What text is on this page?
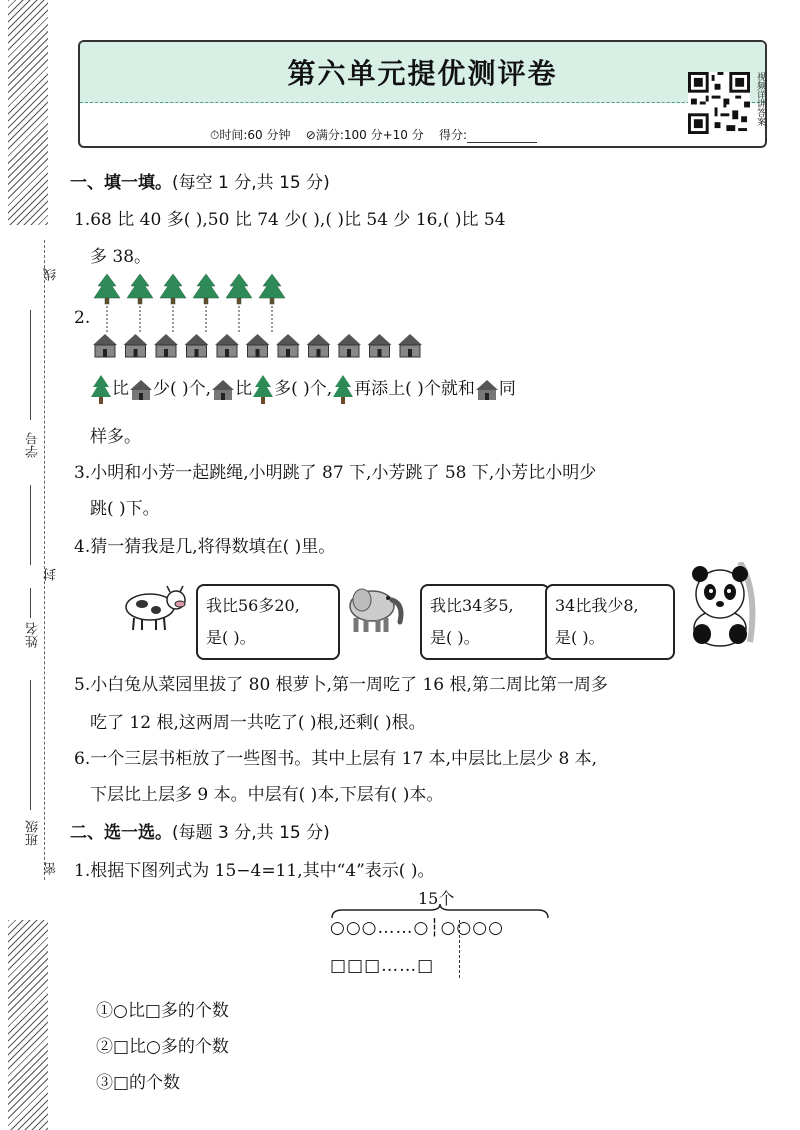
线
学号
封
姓名
班级
密
第六单元提优测评卷
⏱时间:60 分钟 ⊘满分:100 分+10 分 得分:
视频详讲答案
一、填一填。(每空 1 分,共 15 分)
1.68 比 40 多( ),50 比 74 少( ),( )比 54 少 16,( )比 54
多 38。
2.
比 少( )个, 比 多( )个, 再添上( )个就和 同
样多。
3.小明和小芳一起跳绳,小明跳了 87 下,小芳跳了 58 下,小芳比小明少
跳( )下。
4.猜一猜我是几,将得数填在( )里。
我比56多20,
是( )。
我比34多5,
是( )。
34比我少8,
是( )。
5.小白兔从菜园里拔了 80 根萝卜,第一周吃了 16 根,第二周比第一周多
吃了 12 根,这两周一共吃了( )根,还剩( )根。
6.一个三层书柜放了一些图书。其中上层有 17 本,中层比上层少 8 本,
下层比上层多 9 本。中层有( )本,下层有( )本。
二、选一选。(每题 3 分,共 15 分)
1.根据下图列式为 15−4=11,其中“4”表示( )。
15个
○○○……○┆○○○○
□□□……□
①○比□多的个数
②□比○多的个数
③□的个数
